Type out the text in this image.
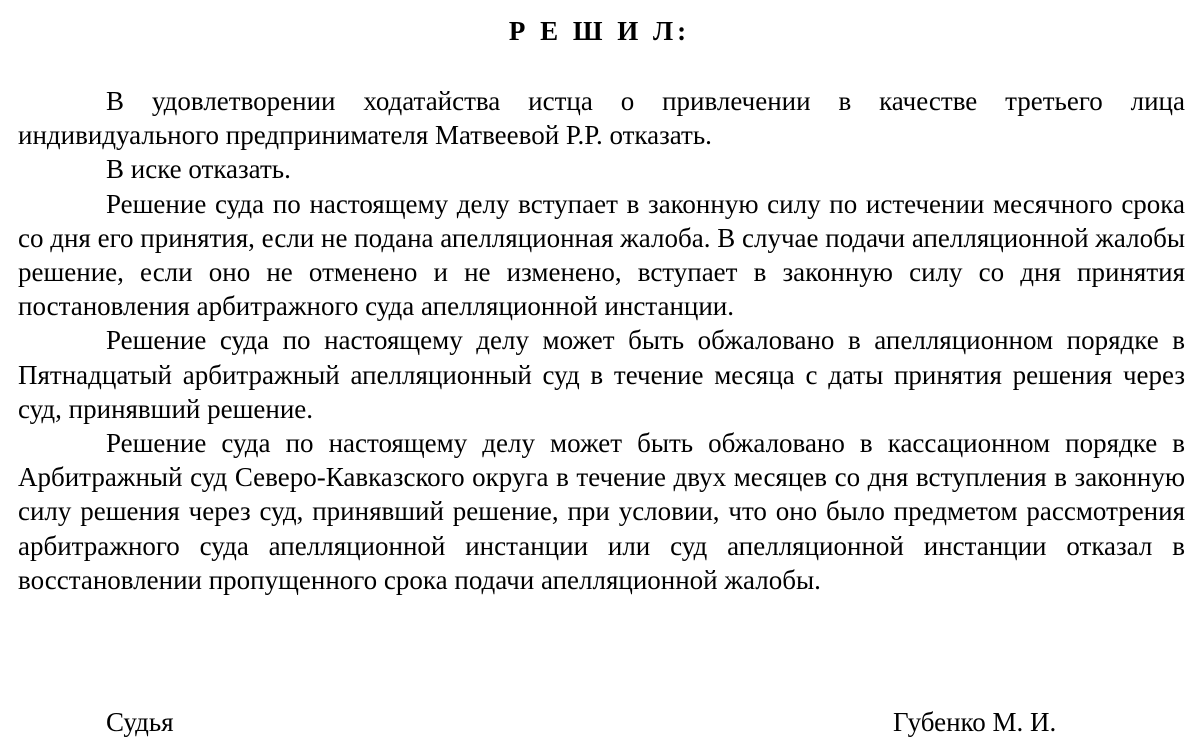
Р Е Ш И Л:

В удовлетворении ходатайства истца о привлечении в качестве третьего лица индивидуального предпринимателя Матвеевой Р.Р. отказать.

В иске отказать.

Решение суда по настоящему делу вступает в законную силу по истечении месячного срока со дня его принятия, если не подана апелляционная жалоба. В случае подачи апелляционной жалобы решение, если оно не отменено и не изменено, вступает в законную силу со дня принятия постановления арбитражного суда апелляционной инстанции.

Решение суда по настоящему делу может быть обжаловано в апелляционном порядке в Пятнадцатый арбитражный апелляционный суд в течение месяца с даты принятия решения через суд, принявший решение.

Решение суда по настоящему делу может быть обжаловано в кассационном порядке в Арбитражный суд Северо-Кавказского округа в течение двух месяцев со дня вступления в законную силу решения через суд, принявший решение, при условии, что оно было предметом рассмотрения арбитражного суда апелляционной инстанции или суд апелляционной инстанции отказал в восстановлении пропущенного срока подачи апелляционной жалобы.

Судья	Губенко М. И.
